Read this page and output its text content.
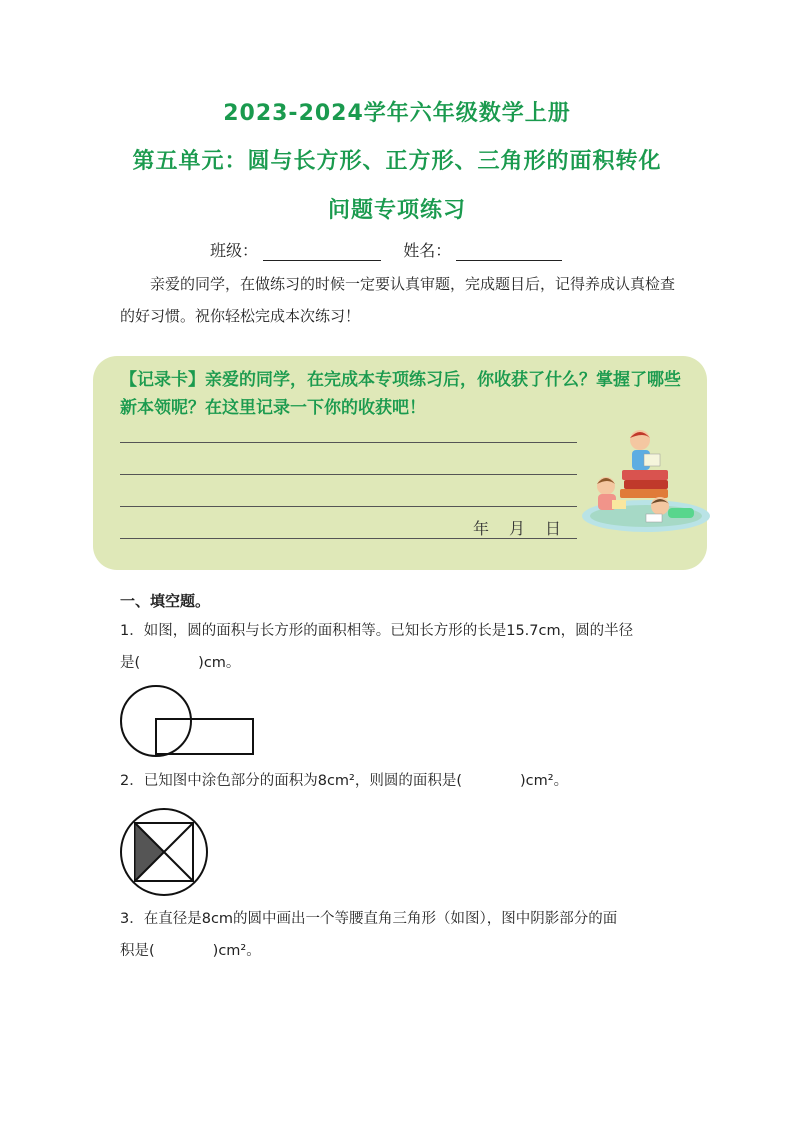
2023-2024学年六年级数学上册
第五单元：圆与长方形、正方形、三角形的面积转化
问题专项练习
班级：	姓名：
亲爱的同学，在做练习的时候一定要认真审题，完成题目后，记得养成认真检查的好习惯。祝你轻松完成本次练习！
【记录卡】亲爱的同学，在完成本专项练习后，你收获了什么？掌握了哪些新本领呢？在这里记录一下你的收获吧！
年　月　日
一、填空题。
1．如图，圆的面积与长方形的面积相等。已知长方形的长是15.7cm，圆的半径
是(　　　　)cm。
2．已知图中涂色部分的面积为8cm²，则圆的面积是(　　　　)cm²。
3．在直径是8cm的圆中画出一个等腰直角三角形（如图），图中阴影部分的面
积是(　　　　)cm²。
